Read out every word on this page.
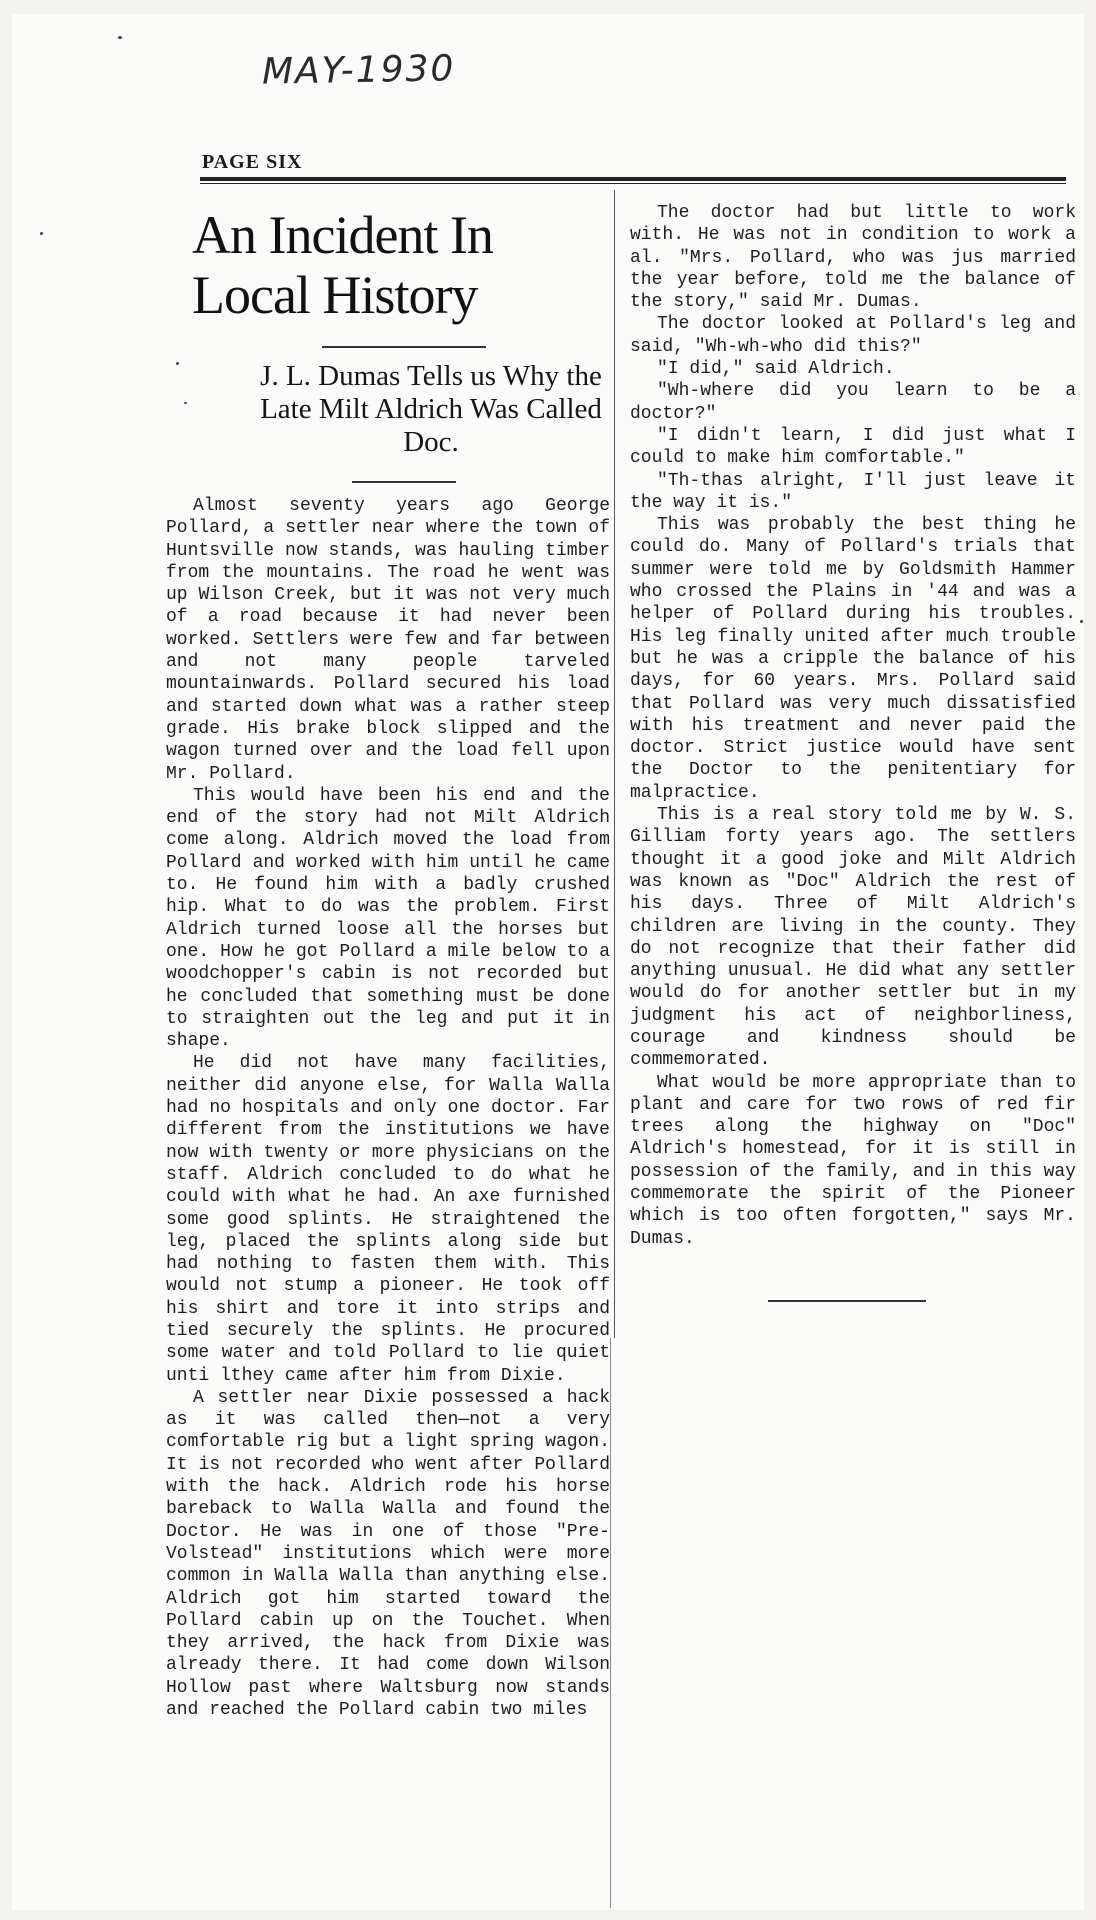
MAY-1930
PAGE SIX
An Incident In Local History
J. L. Dumas Tells us Why the Late Milt Aldrich Was Called Doc.

Almost seventy years ago George Pollard, a settler near where the town of Huntsville now stands, was hauling timber from the mountains. The road he went was up Wilson Creek, but it was not very much of a road because it had never been worked. Settlers were few and far between and not many people tarveled mountainwards. Pollard secured his load and started down what was a rather steep grade. His brake block slipped and the wagon turned over and the load fell upon Mr. Pollard.

This would have been his end and the end of the story had not Milt Aldrich come along. Aldrich moved the load from Pollard and worked with him until he came to. He found him with a badly crushed hip. What to do was the problem. First Aldrich turned loose all the horses but one. How he got Pollard a mile below to a woodchopper's cabin is not recorded but he concluded that something must be done to straighten out the leg and put it in shape.

He did not have many facilities, neither did anyone else, for Walla Walla had no hospitals and only one doctor. Far different from the institutions we have now with twenty or more physicians on the staff. Aldrich concluded to do what he could with what he had. An axe furnished some good splints. He straightened the leg, placed the splints along side but had nothing to fasten them with. This would not stump a pioneer. He took off his shirt and tore it into strips and tied securely the splints. He procured some water and told Pollard to lie quiet unti lthey came after him from Dixie.

A settler near Dixie possessed a hack as it was called then—not a very comfortable rig but a light spring wagon. It is not recorded who went after Pollard with the hack. Aldrich rode his horse bareback to Walla Walla and found the Doctor. He was in one of those "Pre-Volstead" institutions which were more common in Walla Walla than anything else. Aldrich got him started toward the Pollard cabin up on the Touchet. When they arrived, the hack from Dixie was already there. It had come down Wilson Hollow past where Waltsburg now stands and reached the Pollard cabin two miles

The doctor had but little to work with. He was not in condition to work a al. "Mrs. Pollard, who was jus married the year before, told me the balance of the story," said Mr. Dumas.

The doctor looked at Pollard's leg and said, "Wh-wh-who did this?"

"I did," said Aldrich.

"Wh-where did you learn to be a doctor?"

"I didn't learn, I did just what I could to make him comfortable."

"Th-thas alright, I'll just leave it the way it is."

This was probably the best thing he could do. Many of Pollard's trials that summer were told me by Goldsmith Hammer who crossed the Plains in '44 and was a helper of Pollard during his troubles. His leg finally united after much trouble but he was a cripple the balance of his days, for 60 years. Mrs. Pollard said that Pollard was very much dissatisfied with his treatment and never paid the doctor. Strict justice would have sent the Doctor to the penitentiary for malpractice.

This is a real story told me by W. S. Gilliam forty years ago. The settlers thought it a good joke and Milt Aldrich was known as "Doc" Aldrich the rest of his days. Three of Milt Aldrich's children are living in the county. They do not recognize that their father did anything unusual. He did what any settler would do for another settler but in my judgment his act of neighborliness, courage and kindness should be commemorated.

What would be more appropriate than to plant and care for two rows of red fir trees along the highway on "Doc" Aldrich's homestead, for it is still in possession of the family, and in this way commemorate the spirit of the Pioneer which is too often forgotten," says Mr. Dumas.
